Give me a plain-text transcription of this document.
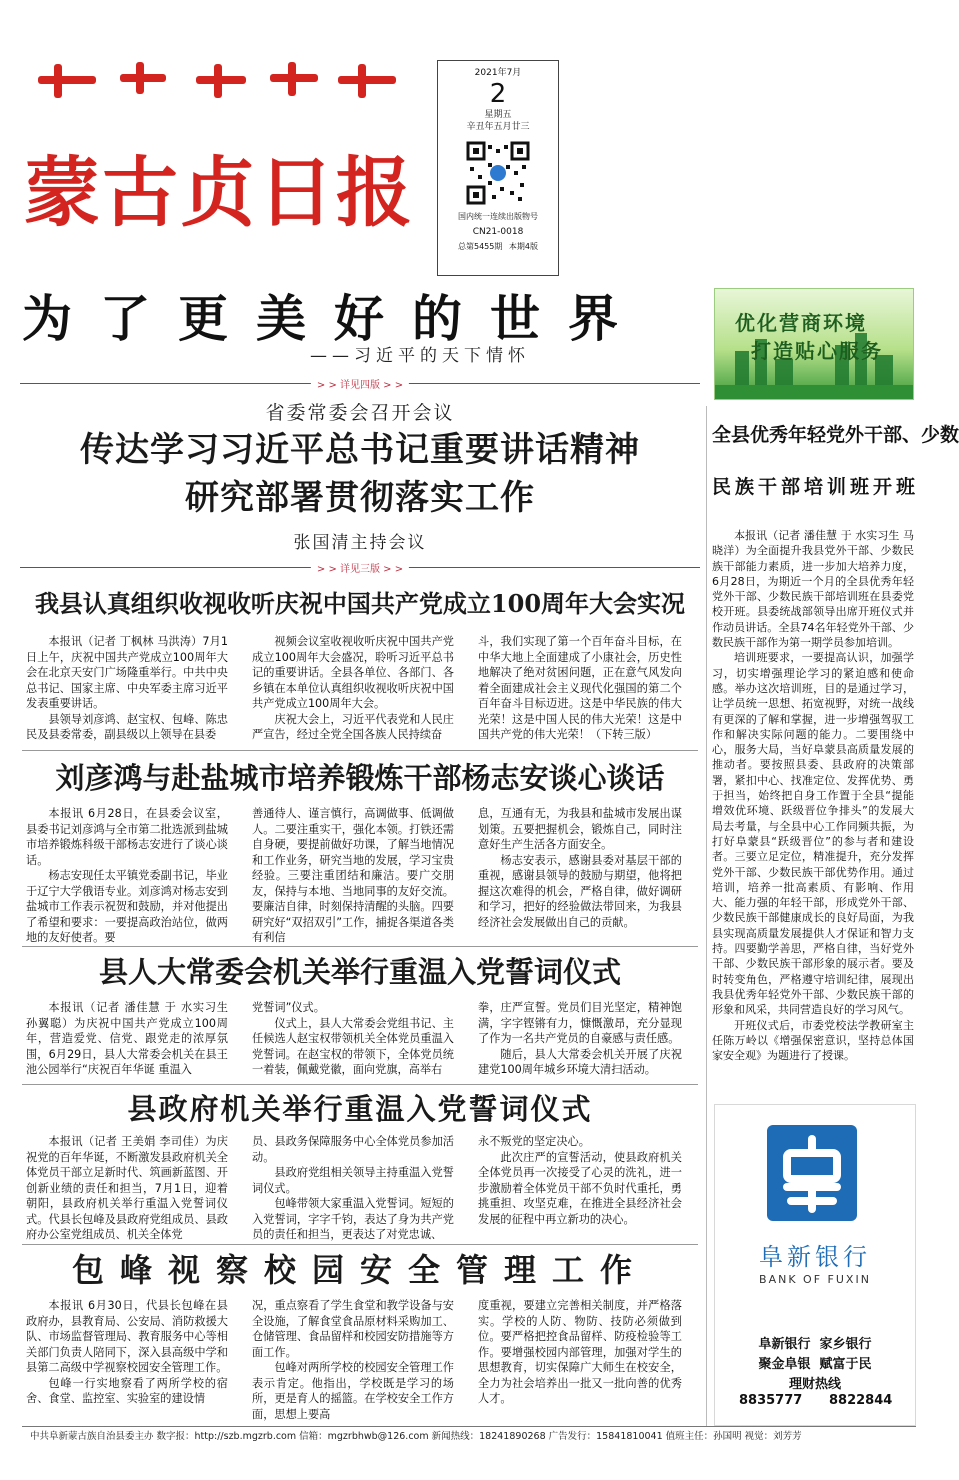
蒙古贞日报
2021年7月
2
星期五
辛丑年五月廿三
国内统一连续出版物号
CN21-0018
总第5455期 本期4版
为了更美好的世界
——习近平的天下情怀
> > 详见四版 > >
优化营商环境
打造贴心服务
省委常委会召开会议
传达学习习近平总书记重要讲话精神
研究部署贯彻落实工作
张国清主持会议
> > 详见三版 > >
我县认真组织收视收听庆祝中国共产党成立100周年大会实况

本报讯（记者 丁枫林 马洪涛）7月1日上午，庆祝中国共产党成立100周年大会在北京天安门广场隆重举行。中共中央总书记、国家主席、中央军委主席习近平发表重要讲话。

县领导刘彦鸿、赵宝权、包峰、陈忠民及县委常委，副县级以上领导在县委

视频会议室收视收听庆祝中国共产党成立100周年大会盛况，聆听习近平总书记的重要讲话。全县各单位、各部门、各乡镇在本单位认真组织收视收听庆祝中国共产党成立100周年大会。

庆祝大会上，习近平代表党和人民庄严宣告，经过全党全国各族人民持续奋

斗，我们实现了第一个百年奋斗目标，在中华大地上全面建成了小康社会，历史性地解决了绝对贫困问题，正在意气风发向着全面建成社会主义现代化强国的第二个百年奋斗目标迈进。这是中华民族的伟大光荣！这是中国人民的伟大光荣！这是中国共产党的伟大光荣！（下转三版）

刘彦鸿与赴盐城市培养锻炼干部杨志安谈心谈话

本报讯 6月28日，在县委会议室，县委书记刘彦鸿与全市第二批选派到盐城市培养锻炼科级干部杨志安进行了谈心谈话。

杨志安现任太平镇党委副书记，毕业于辽宁大学俄语专业。刘彦鸿对杨志安到盐城市工作表示祝贺和鼓励，并对他提出了希望和要求：一要提高政治站位，做两地的友好使者。要

善通待人、谨言慎行，高调做事、低调做人。二要注重实干，强化本领。打铁还需自身硬，要提前做好功课，了解当地情况和工作业务，研究当地的发展，学习宝贵经验。三要注重团结和廉洁。要广交朋友，保持与本地、当地同事的友好交流。要廉洁自律，时刻保持清醒的头脑。四要研究好“双招双引”工作，捕捉各渠道各类有利信

息，互通有无，为我县和盐城市发展出谋划策。五要把握机会，锻炼自己，同时注意好生产生活各方面安全。

杨志安表示，感谢县委对基层干部的重视，感谢县领导的鼓励与期望，他将把握这次难得的机会，严格自律，做好调研和学习，把好的经验做法带回来，为我县经济社会发展做出自己的贡献。

县人大常委会机关举行重温入党誓词仪式

本报讯（记者 潘佳慧 于 水实习生 孙翼聪）为庆祝中国共产党成立100周年，营造爱党、信党、跟党走的浓厚氛围，6月29日，县人大常委会机关在县王池公园举行“庆祝百年华诞 重温入

党誓词”仪式。

仪式上，县人大常委会党组书记、主任候选人赵宝权带领机关全体党员重温入党誓词。在赵宝权的带领下，全体党员统一着装，佩戴党徽，面向党旗，高举右

拳，庄严宣誓。党员们目光坚定，精神饱满，字字铿锵有力，慷慨激昂，充分显现了作为一名共产党员的自豪感与责任感。

随后，县人大常委会机关开展了庆祝建党100周年城乡环境大清扫活动。

县政府机关举行重温入党誓词仪式

本报讯（记者 王美娟 李司佳）为庆祝党的百年华诞，不断激发县政府机关全体党员干部立足新时代、筑画新蓝图、开创新业绩的责任和担当，7月1日，迎着朝阳，县政府机关举行重温入党誓词仪式。代县长包峰及县政府党组成员、县政府办公室党组成员、机关全体党

员、县政务保障服务中心全体党员参加活动。

县政府党组相关领导主持重温入党誓词仪式。

包峰带领大家重温入党誓词。短短的入党誓词，字字千钧，表达了身为共产党员的责任和担当，更表达了对党忠诚、

永不叛党的坚定决心。

此次庄严的宣誓活动，使县政府机关全体党员再一次接受了心灵的洗礼，进一步激励着全体党员干部不负时代重托，勇挑重担、攻坚克难，在推进全县经济社会发展的征程中再立新功的决心。

包峰视察校园安全管理工作

本报讯 6月30日，代县长包峰在县政府办，县教育局、公安局、消防救援大队、市场监督管理局、教育服务中心等相关部门负责人陪同下，深入县高级中学和县第二高级中学视察校园安全管理工作。

包峰一行实地察看了两所学校的宿舍、食堂、监控室、实验室的建设情

况，重点察看了学生食堂和教学设备与安全设施，了解食堂食品原材料采购加工、仓储管理、食品留样和校园安防措施等方面工作。

包峰对两所学校的校园安全管理工作表示肯定。他指出，学校既是学习的场所，更是育人的摇篮。在学校安全工作方面，思想上要高

度重视，要建立完善相关制度，并严格落实。学校的人防、物防、技防必须做到位。要严格把控食品留样、防疫检验等工作。要增强校园内部管理，加强对学生的思想教育，切实保障广大师生在校安全，全力为社会培养出一批又一批向善的优秀人才。

全县优秀年轻党外干部、少数
民族干部培训班开班

本报讯（记者 潘佳慧 于 水实习生 马晓洋）为全面提升我县党外干部、少数民族干部能力素质，进一步加大培养力度，6月28日，为期近一个月的全县优秀年轻党外干部、少数民族干部培训班在县委党校开班。县委统战部领导出席开班仪式并作动员讲话。全县74名年轻党外干部、少数民族干部作为第一期学员参加培训。

培训班要求，一要提高认识，加强学习，切实增强理论学习的紧迫感和使命感。举办这次培训班，目的是通过学习，让学员统一思想、拓宽视野，对统一战线有更深的了解和掌握，进一步增强驾驭工作和解决实际问题的能力。二要围绕中心，服务大局，当好阜蒙县高质量发展的推动者。要按照县委、县政府的决策部署，紧扣中心、找准定位、发挥优势、勇于担当，始终把自身工作置于全县“提能增效优环境、跃级晋位争排头”的发展大局去考量，与全县中心工作同频共振，为打好阜蒙县“跃级晋位”的参与者和建设者。三要立足定位，精准提升，充分发挥党外干部、少数民族干部优势作用。通过培训，培养一批高素质、有影响、作用大、能力强的年轻干部，形成党外干部、少数民族干部健康成长的良好局面，为我县实现高质量发展提供人才保证和智力支持。四要勤学善思，严格自律，当好党外干部、少数民族干部形象的展示者。要及时转变角色，严格遵守培训纪律，展现出我县优秀年轻党外干部、少数民族干部的形象和风采，共同营造良好的学习风气。

开班仪式后，市委党校法学教研室主任陈万岭以《增强保密意识，坚持总体国家安全观》为题进行了授课。

阜新银行
BANK OF FUXIN
阜新银行  家乡银行
聚金阜银  赋富于民
理财热线
8835777 8822844
中共阜新蒙古族自治县委主办 数字报：http://szb.mgzrb.com 信箱：mgzrbhwb@126.com 新闻热线：18241890268 广告发行：15841810041 值班主任：孙国明 视觉：刘芳芳
